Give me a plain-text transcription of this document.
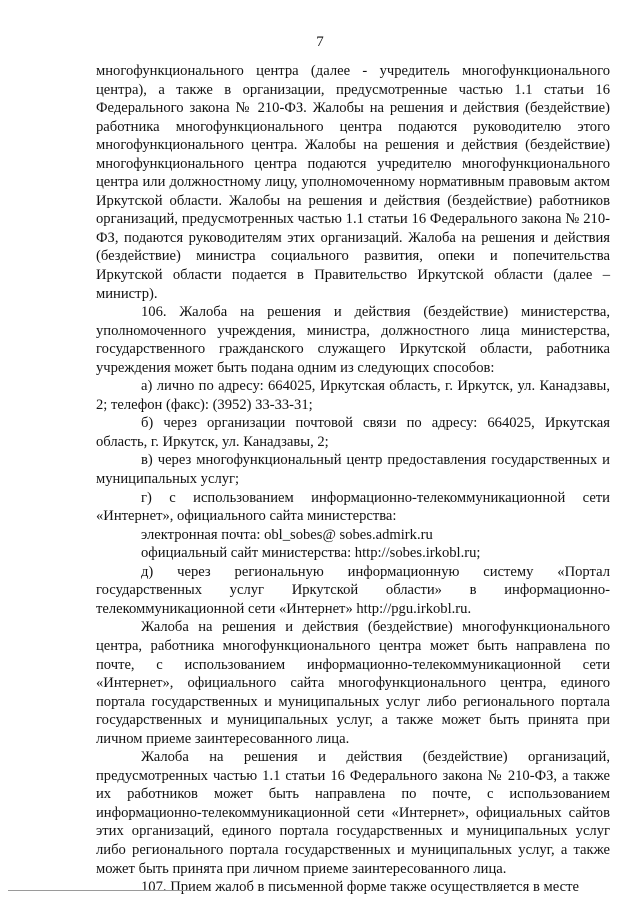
7

многофункционального центра (далее - учредитель многофункционального центра), а также в организации, предусмотренные частью 1.1 статьи 16 Федерального закона № 210-ФЗ. Жалобы на решения и действия (бездействие) работника многофункционального центра подаются руководителю этого многофункционального центра. Жалобы на решения и действия (бездействие) многофункционального центра подаются учредителю многофункционального центра или должностному лицу, уполномоченному нормативным правовым актом Иркутской области. Жалобы на решения и действия (бездействие) работников организаций, предусмотренных частью 1.1 статьи 16 Федерального закона № 210-ФЗ, подаются руководителям этих организаций. Жалоба на решения и действия (бездействие) министра социального развития, опеки и попечительства Иркутской области подается в Правительство Иркутской области (далее – министр).

106. Жалоба на решения и действия (бездействие) министерства, уполномоченного учреждения, министра, должностного лица министерства, государственного гражданского служащего Иркутской области, работника учреждения может быть подана одним из следующих способов:

а) лично по адресу: 664025, Иркутская область, г. Иркутск, ул. Канадзавы, 2; телефон (факс): (3952) 33-33-31;

б) через организации почтовой связи по адресу: 664025, Иркутская область, г. Иркутск, ул. Канадзавы, 2;

в) через многофункциональный центр предоставления государственных и муниципальных услуг;

г) с использованием информационно-телекоммуникационной сети «Интернет», официального сайта министерства:

электронная почта: obl_sobes@ sobes.admirk.ru

официальный сайт министерства: http://sobes.irkobl.ru;

д) через региональную информационную систему «Портал государственных услуг Иркутской области» в информационно-телекоммуникационной сети «Интернет» http://pgu.irkobl.ru.

Жалоба на решения и действия (бездействие) многофункционального центра, работника многофункционального центра может быть направлена по почте, с использованием информационно-телекоммуникационной сети «Интернет», официального сайта многофункционального центра, единого портала государственных и муниципальных услуг либо регионального портала государственных и муниципальных услуг, а также может быть принята при личном приеме заинтересованного лица.

Жалоба на решения и действия (бездействие) организаций, предусмотренных частью 1.1 статьи 16 Федерального закона № 210-ФЗ, а также их работников может быть направлена по почте, с использованием информационно-телекоммуникационной сети «Интернет», официальных сайтов этих организаций, единого портала государственных и муниципальных услуг либо регионального портала государственных и муниципальных услуг, а также может быть принята при личном приеме заинтересованного лица.

107. Прием жалоб в письменной форме также осуществляется в месте
